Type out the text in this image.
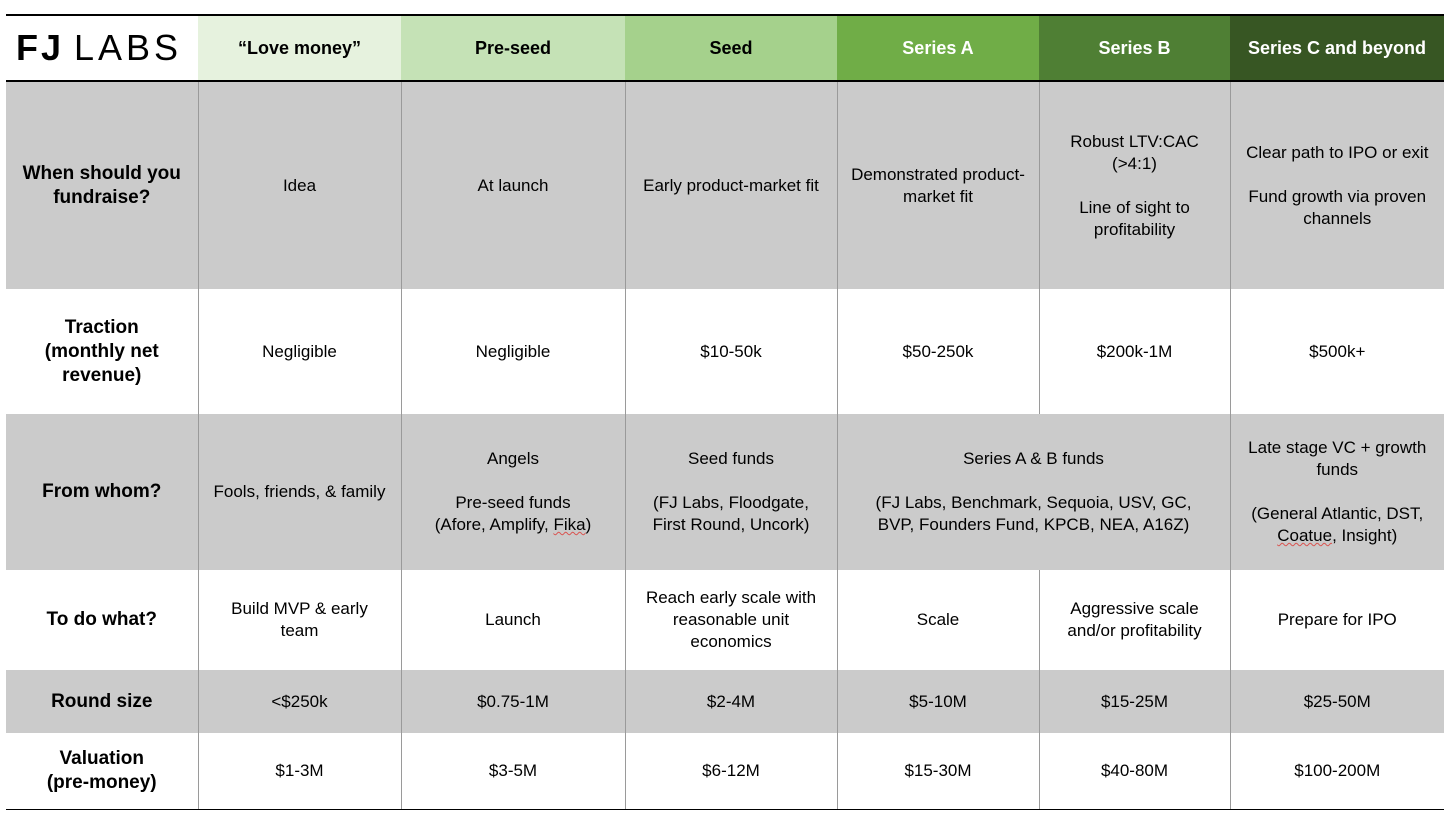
FJ LABS	“Love money”	Pre-seed	Seed	Series A	Series B	Series C and beyond

When should you
fundraise?	Idea	At launch	Early product-market fit	Demonstrated product-
market fit	Robust LTV:CAC
(>4:1)
Line of sight to
profitability	Clear path to IPO or exit
Fund growth via proven
channels

Traction
(monthly net
revenue)	Negligible	Negligible	$10-50k	$50-250k	$200k-1M	$500k+
From whom?	Fools, friends, & family	Angels
Pre-seed funds
(Afore, Amplify, Fika)	Seed funds
(FJ Labs, Floodgate,
First Round, Uncork)	Series A & B funds
(FJ Labs, Benchmark, Sequoia, USV, GC,
BVP, Founders Fund, KPCB, NEA, A16Z)		Late stage VC + growth
funds
(General Atlantic, DST,
Coatue, Insight)

To do what?	Build MVP & early
team	Launch	Reach early scale with
reasonable unit
economics	Scale	Aggressive scale
and/or profitability	Prepare for IPO

Round size	<$250k	$0.75-1M	$2-4M	$5-10M	$15-25M	$25-50M

Valuation
(pre-money)	$1-3M	$3-5M	$6-12M	$15-30M	$40-80M	$100-200M
